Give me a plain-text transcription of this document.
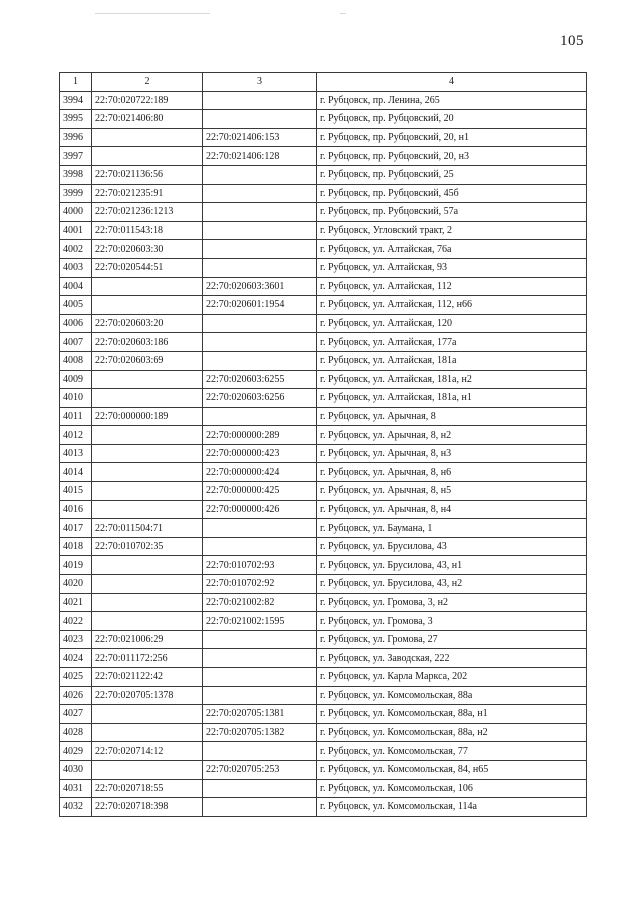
105
1	2	3	4
3994	22:70:020722:189		г. Рубцовск, пр. Ленина, 265
3995	22:70:021406:80		г. Рубцовск, пр. Рубцовский, 20
3996		22:70:021406:153	г. Рубцовск, пр. Рубцовский, 20, н1
3997		22:70:021406:128	г. Рубцовск, пр. Рубцовский, 20, н3
3998	22:70:021136:56		г. Рубцовск, пр. Рубцовский, 25
3999	22:70:021235:91		г. Рубцовск, пр. Рубцовский, 45б
4000	22:70:021236:1213		г. Рубцовск, пр. Рубцовский, 57а
4001	22:70:011543:18		г. Рубцовск, Угловский тракт, 2
4002	22:70:020603:30		г. Рубцовск, ул. Алтайская, 76а
4003	22:70:020544:51		г. Рубцовск, ул. Алтайская, 93
4004		22:70:020603:3601	г. Рубцовск, ул. Алтайская, 112
4005		22:70:020601:1954	г. Рубцовск, ул. Алтайская, 112, н66
4006	22:70:020603:20		г. Рубцовск, ул. Алтайская, 120
4007	22:70:020603:186		г. Рубцовск, ул. Алтайская, 177а
4008	22:70:020603:69		г. Рубцовск, ул. Алтайская, 181а
4009		22:70:020603:6255	г. Рубцовск, ул. Алтайская, 181а, н2
4010		22:70:020603:6256	г. Рубцовск, ул. Алтайская, 181а, н1
4011	22:70:000000:189		г. Рубцовск, ул. Арычная, 8
4012		22:70:000000:289	г. Рубцовск, ул. Арычная, 8, н2
4013		22:70:000000:423	г. Рубцовск, ул. Арычная, 8, н3
4014		22:70:000000:424	г. Рубцовск, ул. Арычная, 8, н6
4015		22:70:000000:425	г. Рубцовск, ул. Арычная, 8, н5
4016		22:70:000000:426	г. Рубцовск, ул. Арычная, 8, н4
4017	22:70:011504:71		г. Рубцовск, ул. Баумана, 1
4018	22:70:010702:35		г. Рубцовск, ул. Брусилова, 43
4019		22:70:010702:93	г. Рубцовск, ул. Брусилова, 43, н1
4020		22:70:010702:92	г. Рубцовск, ул. Брусилова, 43, н2
4021		22:70:021002:82	г. Рубцовск, ул. Громова, 3, н2
4022		22:70:021002:1595	г. Рубцовск, ул. Громова, 3
4023	22:70:021006:29		г. Рубцовск, ул. Громова, 27
4024	22:70:011172:256		г. Рубцовск, ул. Заводская, 222
4025	22:70:021122:42		г. Рубцовск, ул. Карла Маркса, 202
4026	22:70:020705:1378		г. Рубцовск, ул. Комсомольская, 88а
4027		22:70:020705:1381	г. Рубцовск, ул. Комсомольская, 88а, н1
4028		22:70:020705:1382	г. Рубцовск, ул. Комсомольская, 88а, н2
4029	22:70:020714:12		г. Рубцовск, ул. Комсомольская, 77
4030		22:70:020705:253	г. Рубцовск, ул. Комсомольская, 84, н65
4031	22:70:020718:55		г. Рубцовск, ул. Комсомольская, 106
4032	22:70:020718:398		г. Рубцовск, ул. Комсомольская, 114а
